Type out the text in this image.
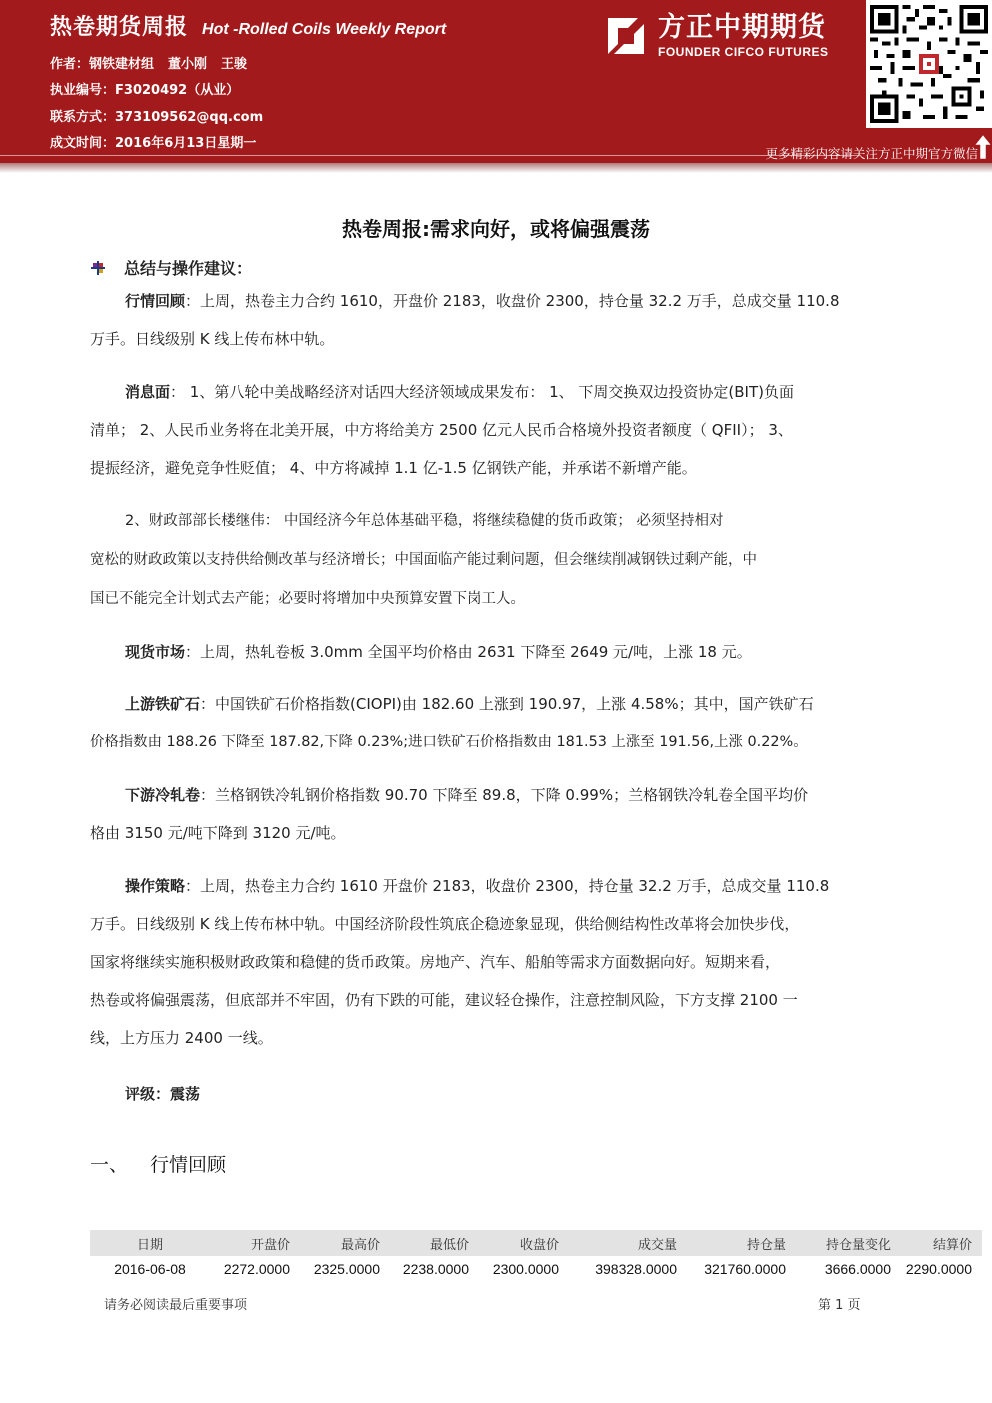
热卷期货周报 Hot -Rolled Coils Weekly Report
作者：钢铁建材组 董小刚 王骏
执业编号：F3020492（从业）
联系方式：373109562@qq.com
成文时间：2016年6月13日星期一
方正中期期货
FOUNDER CIFCO FUTURES
更多精彩内容请关注方正中期官方微信
热卷周报:需求向好，或将偏强震荡
总结与操作建议：
行情回顾：上周，热卷主力合约 1610，开盘价 2183，收盘价 2300，持仓量 32.2 万手，总成交量 110.8
万手。日线级别 K 线上传布林中轨。
消息面： 1、第八轮中美战略经济对话四大经济领域成果发布： 1、 下周交换双边投资协定(BIT)负面
清单； 2、人民币业务将在北美开展，中方将给美方 2500 亿元人民币合格境外投资者额度（ QFII）； 3、
提振经济，避免竞争性贬值； 4、中方将减掉 1.1 亿-1.5 亿钢铁产能，并承诺不新增产能。
2、财政部部长楼继伟： 中国经济今年总体基础平稳，将继续稳健的货币政策； 必须坚持相对
宽松的财政政策以支持供给侧改革与经济增长；中国面临产能过剩问题，但会继续削减钢铁过剩产能，中
国已不能完全计划式去产能；必要时将增加中央预算安置下岗工人。
现货市场：上周，热轧卷板 3.0mm 全国平均价格由 2631 下降至 2649 元/吨，上涨 18 元。
上游铁矿石：中国铁矿石价格指数(CIOPI)由 182.60 上涨到 190.97，上涨 4.58%；其中，国产铁矿石
价格指数由 188.26 下降至 187.82,下降 0.23%;进口铁矿石价格指数由 181.53 上涨至 191.56,上涨 0.22%。
下游冷轧卷：兰格钢铁冷轧钢价格指数 90.70 下降至 89.8，下降 0.99%；兰格钢铁冷轧卷全国平均价
格由 3150 元/吨下降到 3120 元/吨。
操作策略：上周，热卷主力合约 1610 开盘价 2183，收盘价 2300，持仓量 32.2 万手，总成交量 110.8
万手。日线级别 K 线上传布林中轨。中国经济阶段性筑底企稳迹象显现，供给侧结构性改革将会加快步伐，
国家将继续实施积极财政政策和稳健的货币政策。房地产、汽车、船舶等需求方面数据向好。短期来看，
热卷或将偏强震荡，但底部并不牢固，仍有下跌的可能，建议轻仓操作，注意控制风险，下方支撑 2100 一
线，上方压力 2400 一线。
评级：震荡
一、	行情回顾
日期	开盘价	最高价	最低价	收盘价	成交量	持仓量	持仓量变化	结算价
2016-06-08	2272.0000	2325.0000	2238.0000	2300.0000	398328.0000	321760.0000	3666.0000	2290.0000
请务必阅读最后重要事项	第 1 页
